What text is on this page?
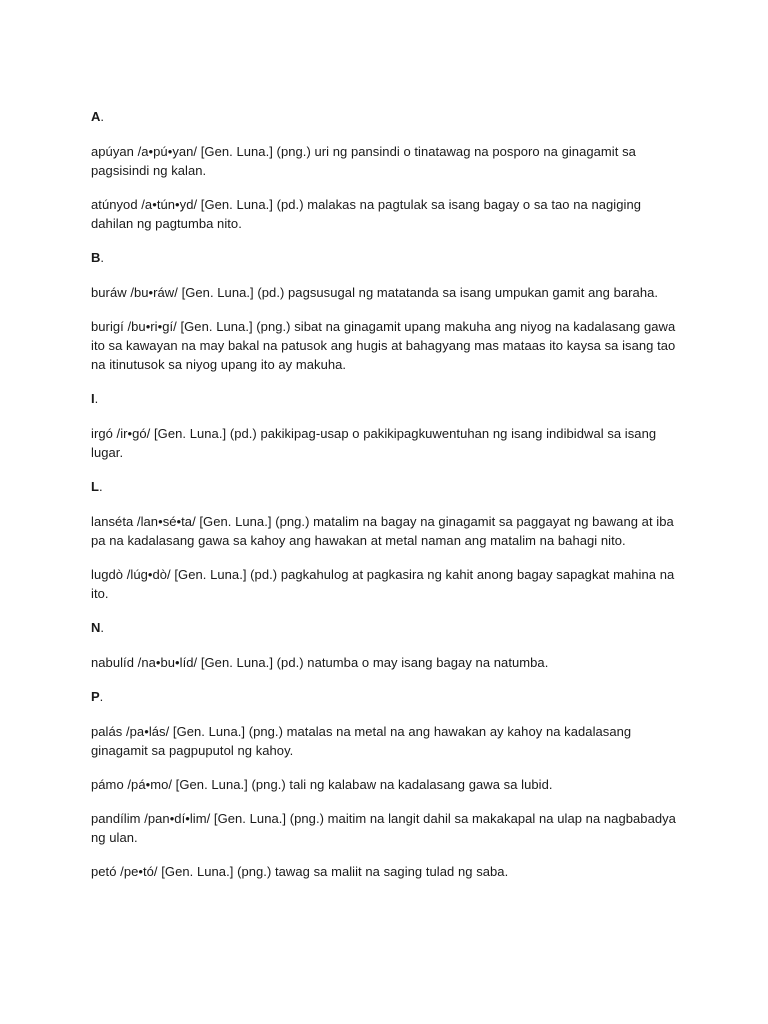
A.
apúyan /a•pú•yan/ [Gen. Luna.] (png.) uri ng pansindi o tinatawag na posporo na ginagamit sa pagsisindi ng kalan.
atúnyod /a•tún•yd/ [Gen. Luna.] (pd.) malakas na pagtulak sa isang bagay o sa tao na nagiging dahilan ng pagtumba nito.
B.
buráw /bu•ráw/ [Gen. Luna.] (pd.) pagsusugal ng matatanda sa isang umpukan gamit ang baraha.
burigí /bu•ri•gí/ [Gen. Luna.] (png.) sibat na ginagamit upang makuha ang niyog na kadalasang gawa ito sa kawayan na may bakal na patusok ang hugis at bahagyang mas mataas ito kaysa sa isang tao na itinutusok sa niyog upang ito ay makuha.
I.
irgó /ir•gó/ [Gen. Luna.] (pd.) pakikipag-usap o pakikipagkuwentuhan ng isang indibidwal sa isang lugar.
L.
lanséta /lan•sé•ta/ [Gen. Luna.] (png.) matalim na bagay na ginagamit sa paggayat ng bawang at iba pa na kadalasang gawa sa kahoy ang hawakan at metal naman ang matalim na bahagi nito.
lugdò /lúg•dò/ [Gen. Luna.] (pd.) pagkahulog at pagkasira ng kahit anong bagay sapagkat mahina na ito.
N.
nabulíd /na•bu•líd/ [Gen. Luna.] (pd.) natumba o may isang bagay na natumba.
P.
palás /pa•lás/ [Gen. Luna.] (png.) matalas na metal na ang hawakan ay kahoy na kadalasang ginagamit sa pagpuputol ng kahoy.
pámo /pá•mo/ [Gen. Luna.] (png.) tali ng kalabaw na kadalasang gawa sa lubid.
pandílim /pan•dí•lim/ [Gen. Luna.] (png.) maitim na langit dahil sa makakapal na ulap na nagbabadya ng ulan.
petó /pe•tó/ [Gen. Luna.] (png.) tawag sa maliit na saging tulad ng saba.
